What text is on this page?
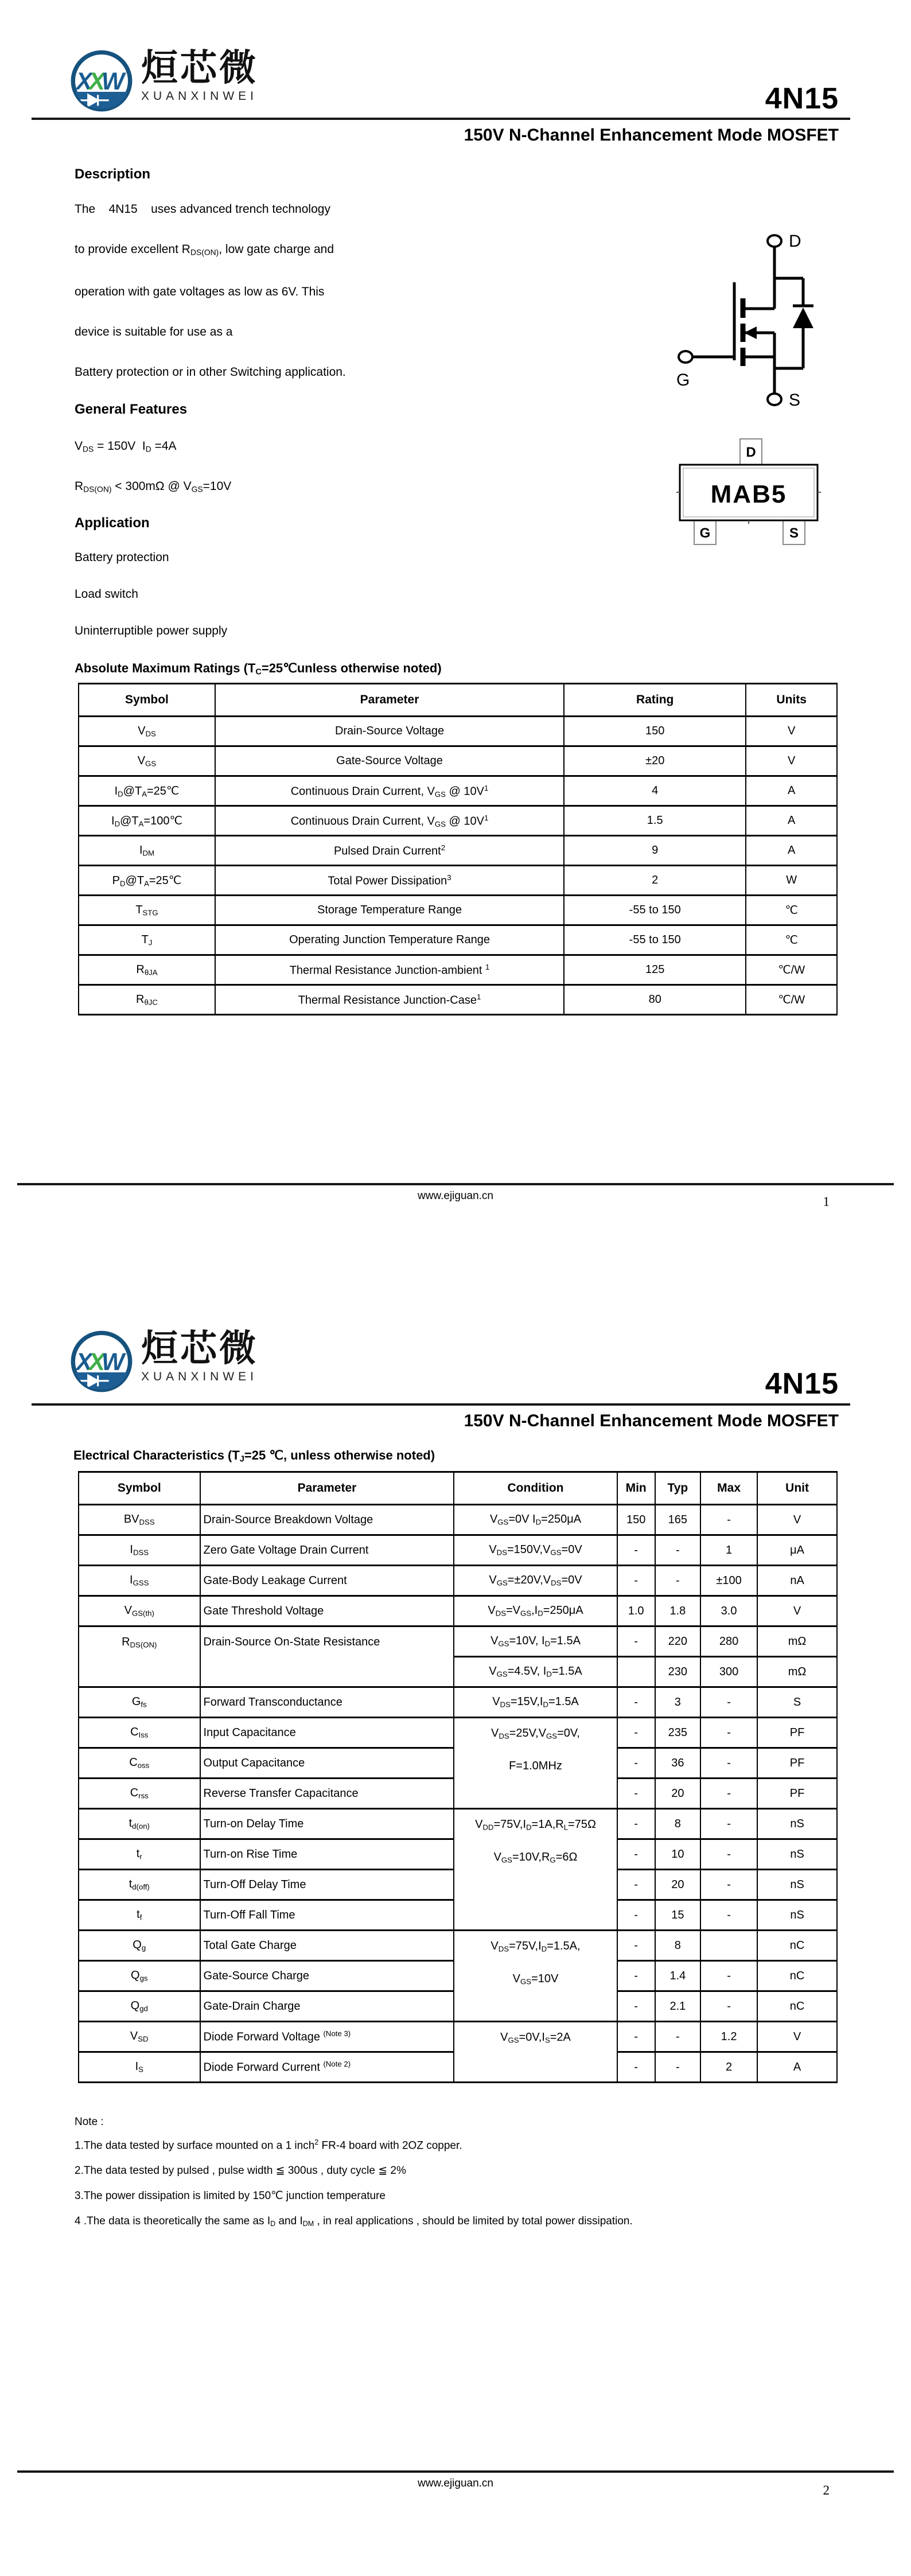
X
X
W 烜芯微
XUANXINWEI	4N15
150V N-Channel Enhancement Mode MOSFET
Description
The    4N15    uses advanced trench technology
to provide excellent $R_{DS(ON)}$, low gate charge and
operation with gate voltages as low as 6V. This
device is suitable for use as a
Battery protection or in other Switching application.
General Features
$V_{DS} = 150V$  $I_D =4A$
$R_{DS(ON)} < 300m\Omega$ @ $V_{GS}=10V$
Application
Battery protection
Load switch
Uninterruptible power supply
D
G
S
MAB5
D
G	S
Absolute Maximum Ratings ($T_C=25℃unless$ otherwise noted)
Symbol	Parameter	Rating	Units
$V_{DS}$	Drain-Source Voltage	150	V
$V_{GS}$	Gate-Source Voltage	±20	V
$I_D@T_A=25℃$	Continuous Drain Current, $V_{GS}$ @ $10V^1$	4	A
$I_D@T_A=100℃$	Continuous Drain Current, $V_{GS}$ @ $10V^1$	1.5	A
$I_{DM}$	Pulsed Drain Current$^2$	9	A
$P_D@T_A=25℃$	Total Power Dissipation$^3$	2	W
$T_{STG}$	Storage Temperature Range	-55 to 150	℃
$T_J$	Operating Junction Temperature Range	-55 to 150	℃
$R_{\theta JA}$	Thermal Resistance Junction-ambient $^1$	125	℃/W
$R_{\theta JC}$	Thermal Resistance Junction-Case$^1$	80	℃/W
www.ejiguan.cn	1
X
X
W 烜芯微
XUANXINWEI	4N15
150V N-Channel Enhancement Mode MOSFET
Electrical Characteristics ($T_J=25$ ℃, unless otherwise noted)
Symbol	Parameter	Condition	Min	Typ	Max	Unit
$BV_{DSS}$	Drain-Source Breakdown Voltage	$V_{GS}=0V$ $I_D=250\mu A$	150	165	-	V
$I_{DSS}$	Zero Gate Voltage Drain Current	$V_{DS}=150V,V_{GS}=0V$	-	-	1	μA
$I_{GSS}$	Gate-Body Leakage Current	$V_{GS}=\pm 20V,V_{DS}=0V$	-	-	±100	nA
$V_{GS(th)}$	Gate Threshold Voltage	$V_{DS}=V_{GS},I_D=250\mu A$	1.0	1.8	3.0	V
$R_{DS(ON)}$	Drain-Source On-State Resistance	$V_{GS}=10V$, $I_D=1.5A$	-	220	280	mΩ
		$V_{GS}=4.5V$, $I_D=1.5A$		230	300	mΩ
$G_{fs}$	Forward Transconductance	$V_{DS}=15V,I_D=1.5A$	-	3	-	S
$C_{Iss}$	Input Capacitance	$V_{DS}=25V,V_{GS}=0V$,
F=1.0MHz	-	235	-	PF
$C_{oss}$	Output Capacitance		-	36	-	PF
$C_{rss}$	Reverse Transfer Capacitance		-	20	-	PF
$t_{d(on)}$	Turn-on Delay Time	$V_{DD}=75V,I_D=1A,R_L=75\Omega$
$V_{GS}=10V,R_G=6\Omega$	-	8	-	nS
$t_r$	Turn-on Rise Time		-	10	-	nS
$t_{d(off)}$	Turn-Off Delay Time		-	20	-	nS
$t_f$	Turn-Off Fall Time		-	15	-	nS
$Q_g$	Total Gate Charge	$V_{DS}=75V,I_D=1.5A$,
$V_{GS}=10V$	-	8		nC
$Q_{gs}$	Gate-Source Charge		-	1.4	-	nC
$Q_{gd}$	Gate-Drain Charge		-	2.1	-	nC
$V_{SD}$	Diode Forward Voltage $^{(Note 3)}$	$V_{GS}=0V,I_S=2A$	-	-	1.2	V
$I_S$	Diode Forward Current $^{(Note 2)}$		-	-	2	A
Note :
1.The data tested by surface mounted on a 1 inch$^2$ FR-4 board with 2OZ copper.
2.The data tested by pulsed , pulse width ≦ 300us , duty cycle ≦ 2%
3.The power dissipation is limited by 150℃ junction temperature
4 .The data is theoretically the same as $I_D$ and $I_{DM}$ , in real applications , should be limited by total power dissipation.
www.ejiguan.cn	2
